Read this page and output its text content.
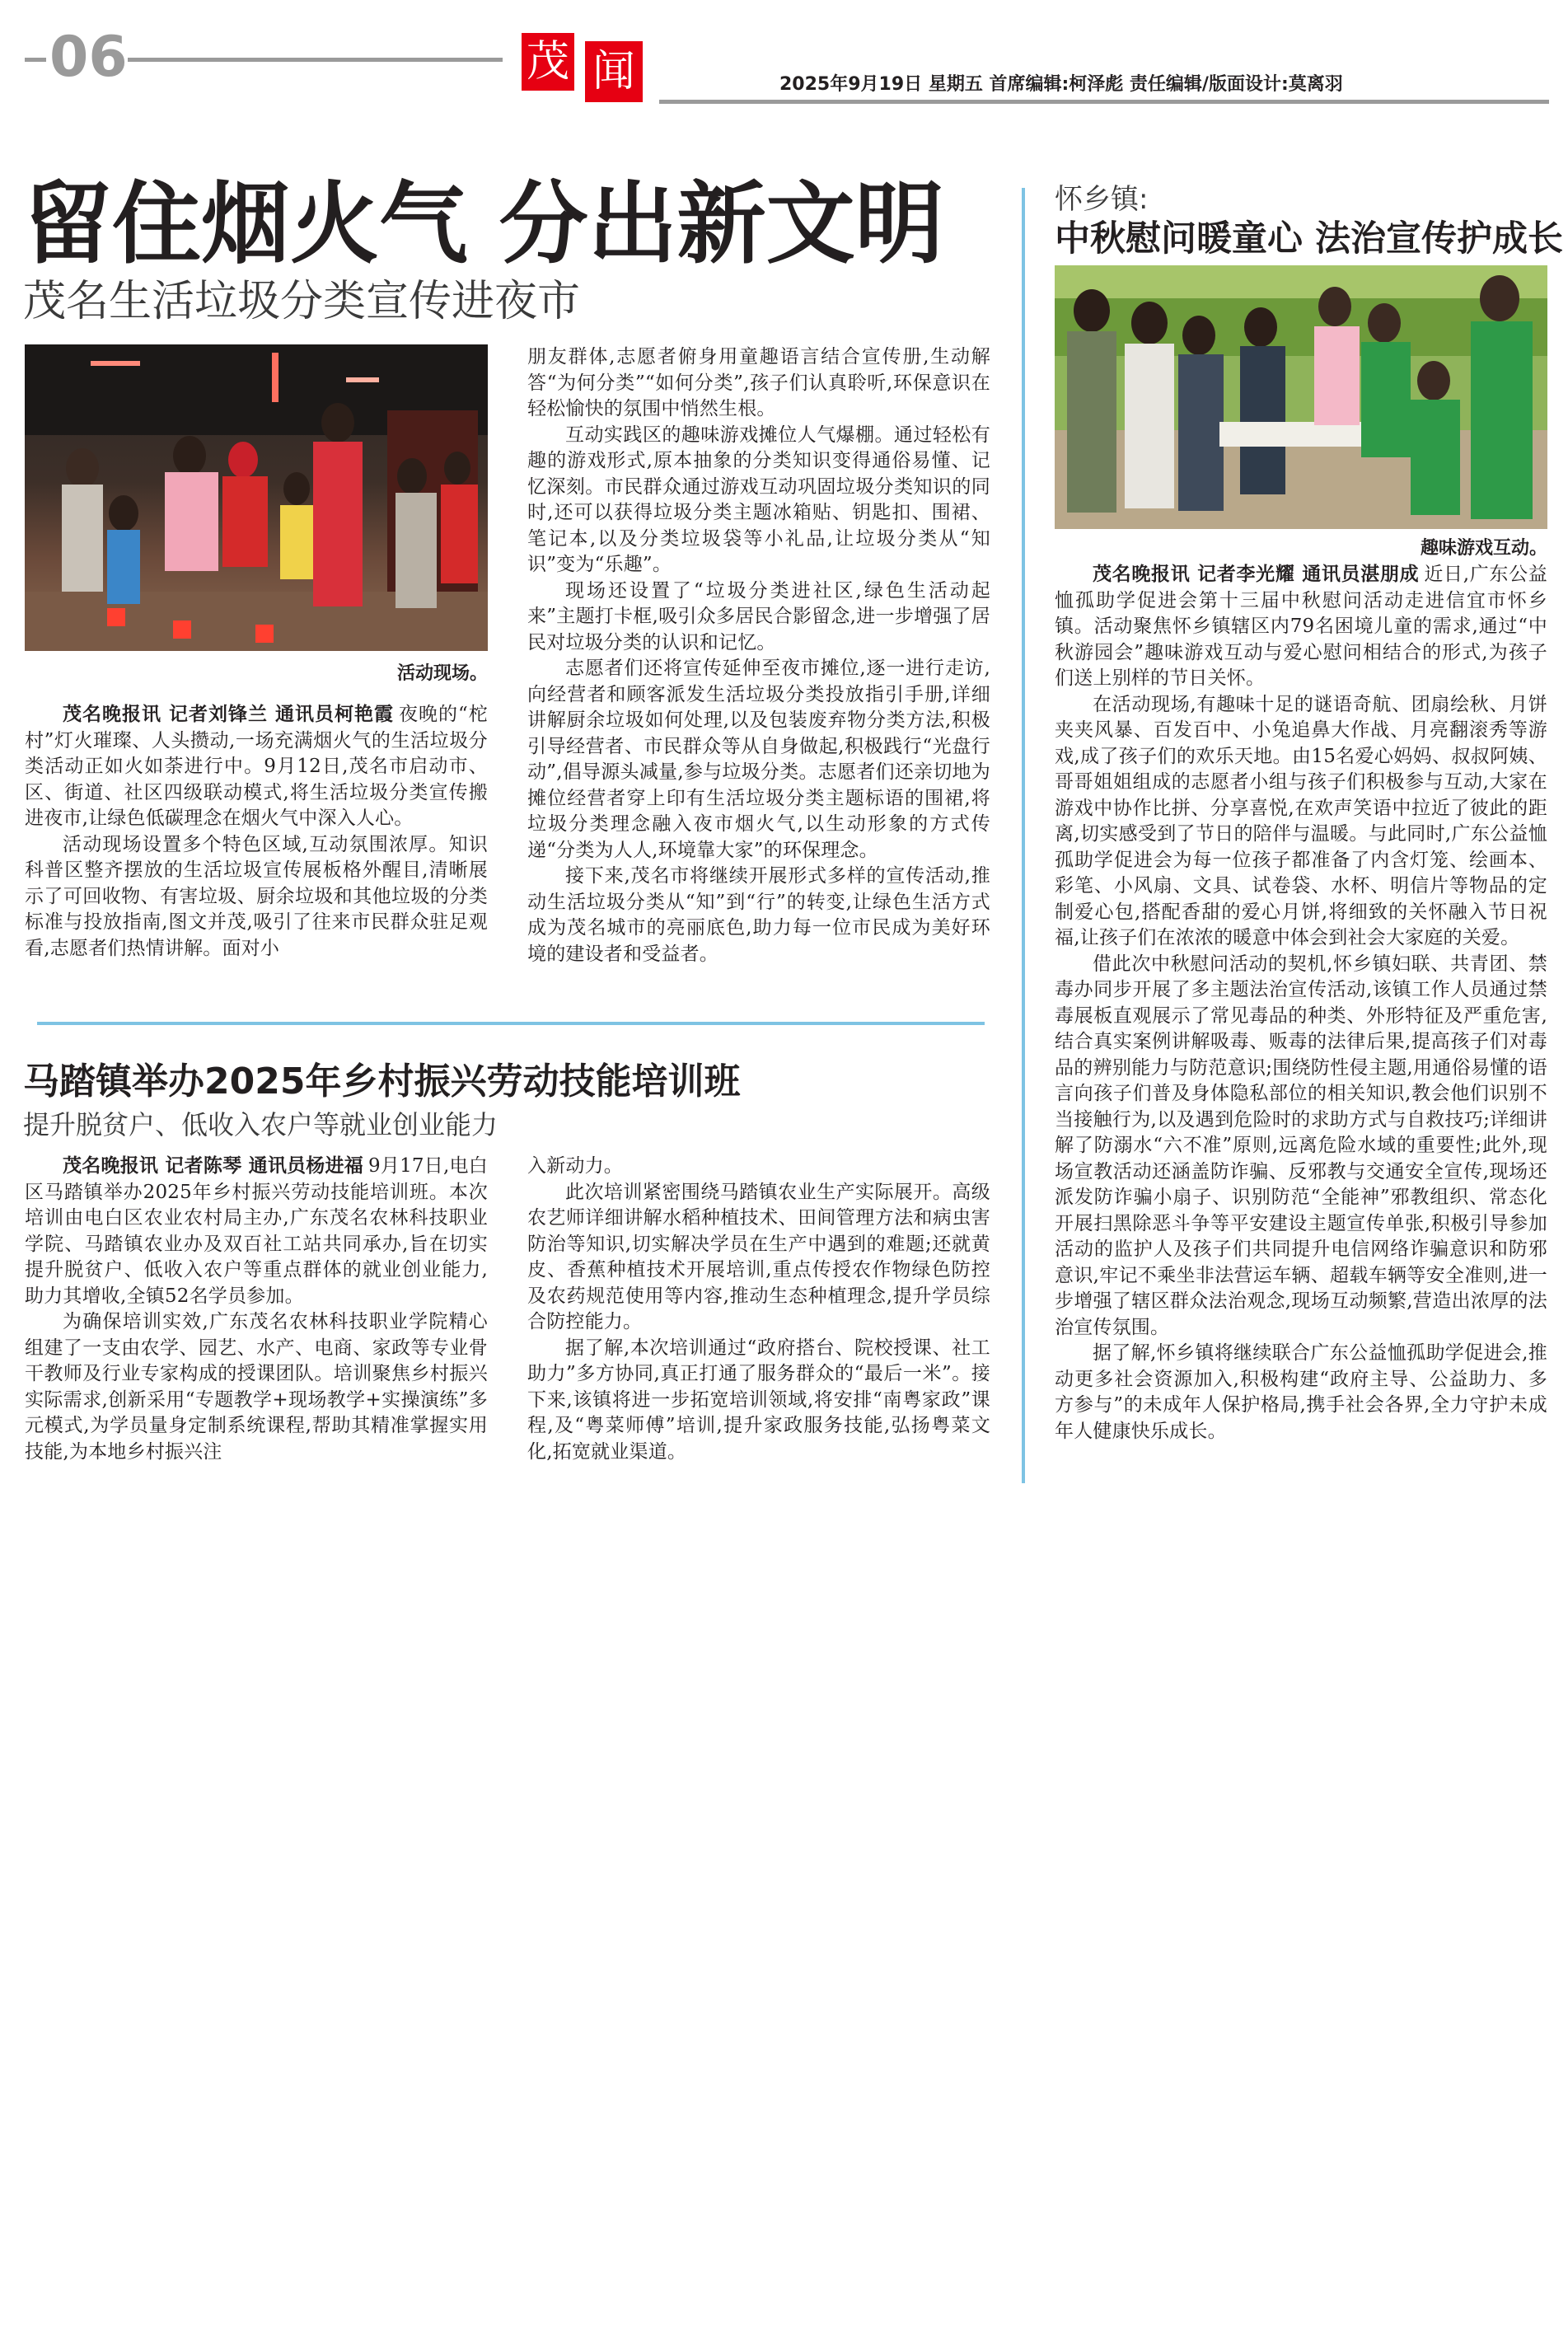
06	茂 闻	2025年9月19日 星期五 首席编辑:柯泽彪 责任编辑/版面设计:莫离羽
留住烟火气 分出新文明
茂名生活垃圾分类宣传进夜市
活动现场。

茂名晚报讯 记者刘锋兰 通讯员柯艳霞 夜晚的“柁村”灯火璀璨、人头攒动,一场充满烟火气的生活垃圾分类活动正如火如荼进行中。9月12日,茂名市启动市、区、街道、社区四级联动模式,将生活垃圾分类宣传搬进夜市,让绿色低碳理念在烟火气中深入人心。

活动现场设置多个特色区域,互动氛围浓厚。知识科普区整齐摆放的生活垃圾宣传展板格外醒目,清晰展示了可回收物、有害垃圾、厨余垃圾和其他垃圾的分类标准与投放指南,图文并茂,吸引了往来市民群众驻足观看,志愿者们热情讲解。面对小

朋友群体,志愿者俯身用童趣语言结合宣传册,生动解答“为何分类”“如何分类”,孩子们认真聆听,环保意识在轻松愉快的氛围中悄然生根。

互动实践区的趣味游戏摊位人气爆棚。通过轻松有趣的游戏形式,原本抽象的分类知识变得通俗易懂、记忆深刻。市民群众通过游戏互动巩固垃圾分类知识的同时,还可以获得垃圾分类主题冰箱贴、钥匙扣、围裙、笔记本,以及分类垃圾袋等小礼品,让垃圾分类从“知识”变为“乐趣”。

现场还设置了“垃圾分类进社区,绿色生活动起来”主题打卡框,吸引众多居民合影留念,进一步增强了居民对垃圾分类的认识和记忆。

志愿者们还将宣传延伸至夜市摊位,逐一进行走访,向经营者和顾客派发生活垃圾分类投放指引手册,详细讲解厨余垃圾如何处理,以及包装废弃物分类方法,积极引导经营者、市民群众等从自身做起,积极践行“光盘行动”,倡导源头减量,参与垃圾分类。志愿者们还亲切地为摊位经营者穿上印有生活垃圾分类主题标语的围裙,将垃圾分类理念融入夜市烟火气,以生动形象的方式传递“分类为人人,环境靠大家”的环保理念。

接下来,茂名市将继续开展形式多样的宣传活动,推动生活垃圾分类从“知”到“行”的转变,让绿色生活方式成为茂名城市的亮丽底色,助力每一位市民成为美好环境的建设者和受益者。

马踏镇举办2025年乡村振兴劳动技能培训班
提升脱贫户、低收入农户等就业创业能力

茂名晚报讯 记者陈琴 通讯员杨进福 9月17日,电白区马踏镇举办2025年乡村振兴劳动技能培训班。本次培训由电白区农业农村局主办,广东茂名农林科技职业学院、马踏镇农业办及双百社工站共同承办,旨在切实提升脱贫户、低收入农户等重点群体的就业创业能力,助力其增收,全镇52名学员参加。

为确保培训实效,广东茂名农林科技职业学院精心组建了一支由农学、园艺、水产、电商、家政等专业骨干教师及行业专家构成的授课团队。培训聚焦乡村振兴实际需求,创新采用“专题教学+现场教学+实操演练”多元模式,为学员量身定制系统课程,帮助其精准掌握实用技能,为本地乡村振兴注

入新动力。

此次培训紧密围绕马踏镇农业生产实际展开。高级农艺师详细讲解水稻种植技术、田间管理方法和病虫害防治等知识,切实解决学员在生产中遇到的难题;还就黄皮、香蕉种植技术开展培训,重点传授农作物绿色防控及农药规范使用等内容,推动生态种植理念,提升学员综合防控能力。

据了解,本次培训通过“政府搭台、院校授课、社工助力”多方协同,真正打通了服务群众的“最后一米”。接下来,该镇将进一步拓宽培训领域,将安排“南粤家政”课程,及“粤菜师傅”培训,提升家政服务技能,弘扬粤菜文化,拓宽就业渠道。

怀乡镇:
中秋慰问暖童心 法治宣传护成长
趣味游戏互动。

茂名晚报讯 记者李光耀 通讯员湛朋成 近日,广东公益恤孤助学促进会第十三届中秋慰问活动走进信宜市怀乡镇。活动聚焦怀乡镇辖区内79名困境儿童的需求,通过“中秋游园会”趣味游戏互动与爱心慰问相结合的形式,为孩子们送上别样的节日关怀。

在活动现场,有趣味十足的谜语奇航、团扇绘秋、月饼夹夹风暴、百发百中、小兔追鼻大作战、月亮翻滚秀等游戏,成了孩子们的欢乐天地。由15名爱心妈妈、叔叔阿姨、哥哥姐姐组成的志愿者小组与孩子们积极参与互动,大家在游戏中协作比拼、分享喜悦,在欢声笑语中拉近了彼此的距离,切实感受到了节日的陪伴与温暖。与此同时,广东公益恤孤助学促进会为每一位孩子都准备了内含灯笼、绘画本、彩笔、小风扇、文具、试卷袋、水杯、明信片等物品的定制爱心包,搭配香甜的爱心月饼,将细致的关怀融入节日祝福,让孩子们在浓浓的暖意中体会到社会大家庭的关爱。

借此次中秋慰问活动的契机,怀乡镇妇联、共青团、禁毒办同步开展了多主题法治宣传活动,该镇工作人员通过禁毒展板直观展示了常见毒品的种类、外形特征及严重危害,结合真实案例讲解吸毒、贩毒的法律后果,提高孩子们对毒品的辨别能力与防范意识;围绕防性侵主题,用通俗易懂的语言向孩子们普及身体隐私部位的相关知识,教会他们识别不当接触行为,以及遇到危险时的求助方式与自救技巧;详细讲解了防溺水“六不准”原则,远离危险水域的重要性;此外,现场宣教活动还涵盖防诈骗、反邪教与交通安全宣传,现场还派发防诈骗小扇子、识别防范“全能神”邪教组织、常态化开展扫黑除恶斗争等平安建设主题宣传单张,积极引导参加活动的监护人及孩子们共同提升电信网络诈骗意识和防邪意识,牢记不乘坐非法营运车辆、超载车辆等安全准则,进一步增强了辖区群众法治观念,现场互动频繁,营造出浓厚的法治宣传氛围。

据了解,怀乡镇将继续联合广东公益恤孤助学促进会,推动更多社会资源加入,积极构建“政府主导、公益助力、多方参与”的未成年人保护格局,携手社会各界,全力守护未成年人健康快乐成长。
